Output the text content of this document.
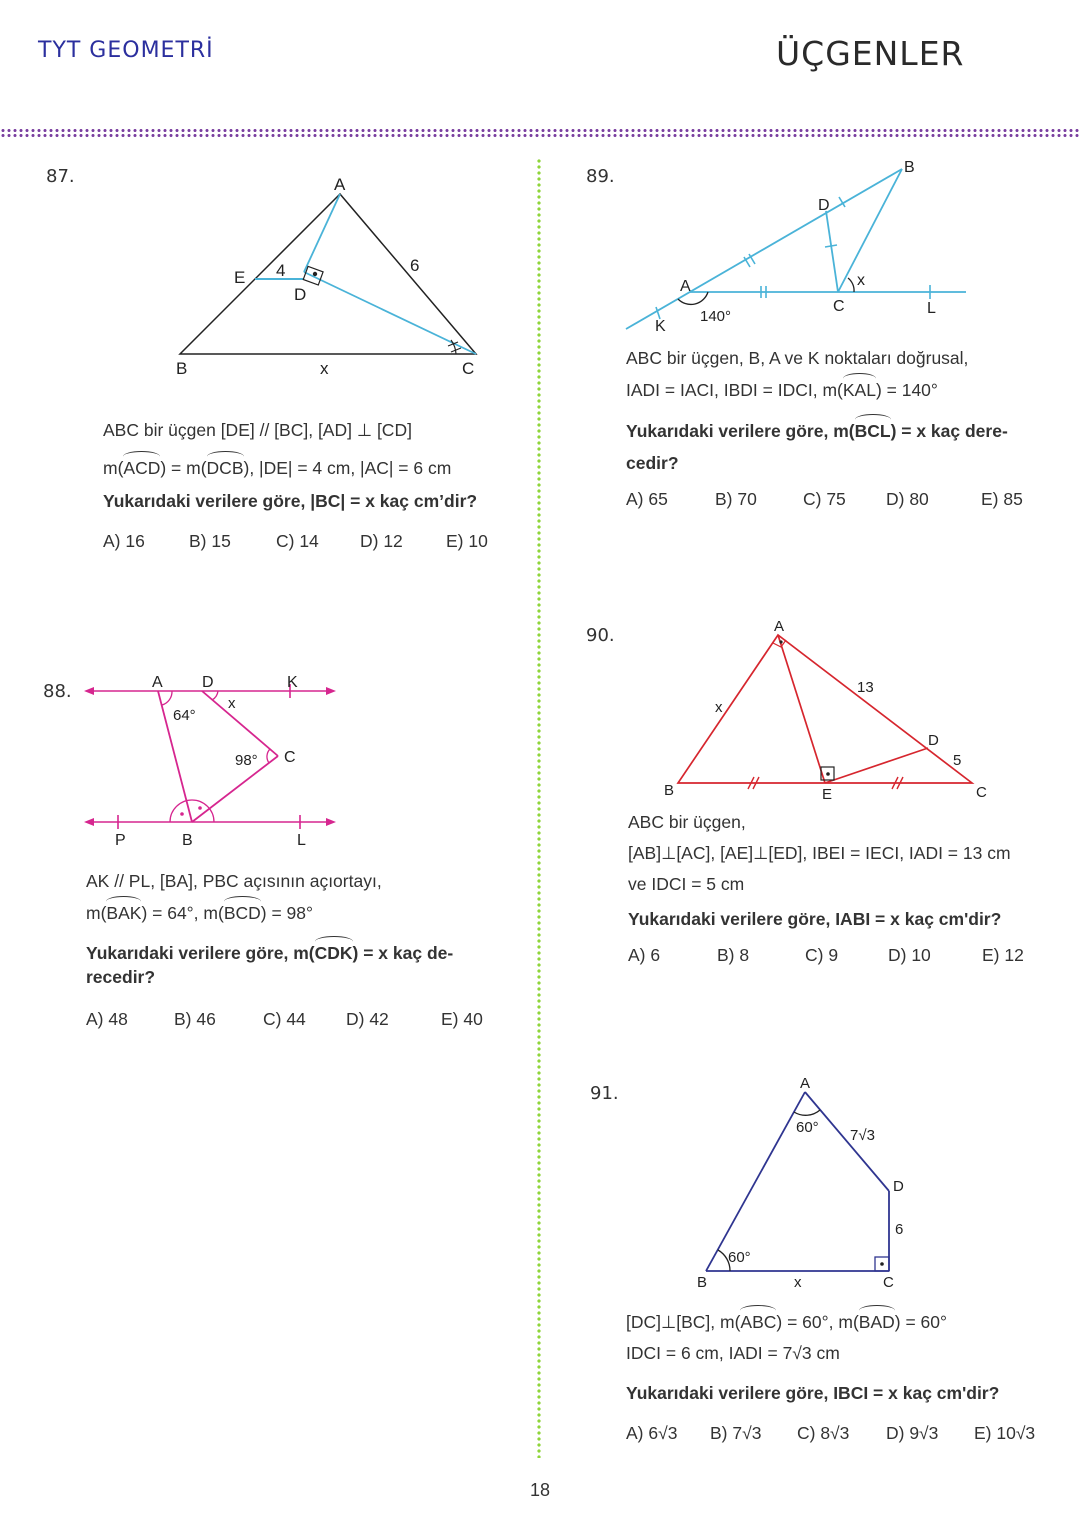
TYT GEOMETRİ	ÜÇGENLER
87.	A
B	C
D
E 4	6
x
ABC bir üçgen [DE] // [BC], [AD] ⊥ [CD]
m(ACD) = m(DCB), |DE| = 4 cm, |AC| = 6 cm
Yukarıdaki verilere göre, |BC| = x kaç cm’dir?
A) 16	B) 15	C) 14 D) 12 E) 10
88.	A D	K
C
P	B	L
64°
x
98°
AK // PL, [BA], PBC açısının açıortayı,
m(BAK) = 64°, m(BCD) = 98°
Yukarıdaki verilere göre, m(CDK) = x kaç de-
recedir?
A) 48	B) 46	C) 44 D) 42	E) 40
89.	B
D
A
C	L
K
x
140°
ABC bir üçgen, B, A ve K noktaları doğrusal,
IADI = IACI, IBDI = IDCI, m(KAL) = 140°
Yukarıdaki verilere göre, m(BCL) = x kaç dere-
cedir?
A) 65	B) 70	C) 75 D) 80	E) 85
90.	A
B	C
D
E
x
13
5
ABC bir üçgen,
[AB]⊥[AC], [AE]⊥[ED], IBEI = IECI, IADI = 13 cm
ve IDCI = 5 cm
Yukarıdaki verilere göre, IABI = x kaç cm'dir?
A) 6	B) 8	C) 9	D) 10	E) 12
91.	A
B	C
D
x
6
7√3
60°
60°
[DC]⊥[BC], m(ABC) = 60°, m(BAD) = 60°
IDCI = 6 cm, IADI = 7√3 cm
Yukarıdaki verilere göre, IBCI = x kaç cm'dir?
A) 6√3 B) 7√3 C) 8√3 D) 9√3 E) 10√3
18
